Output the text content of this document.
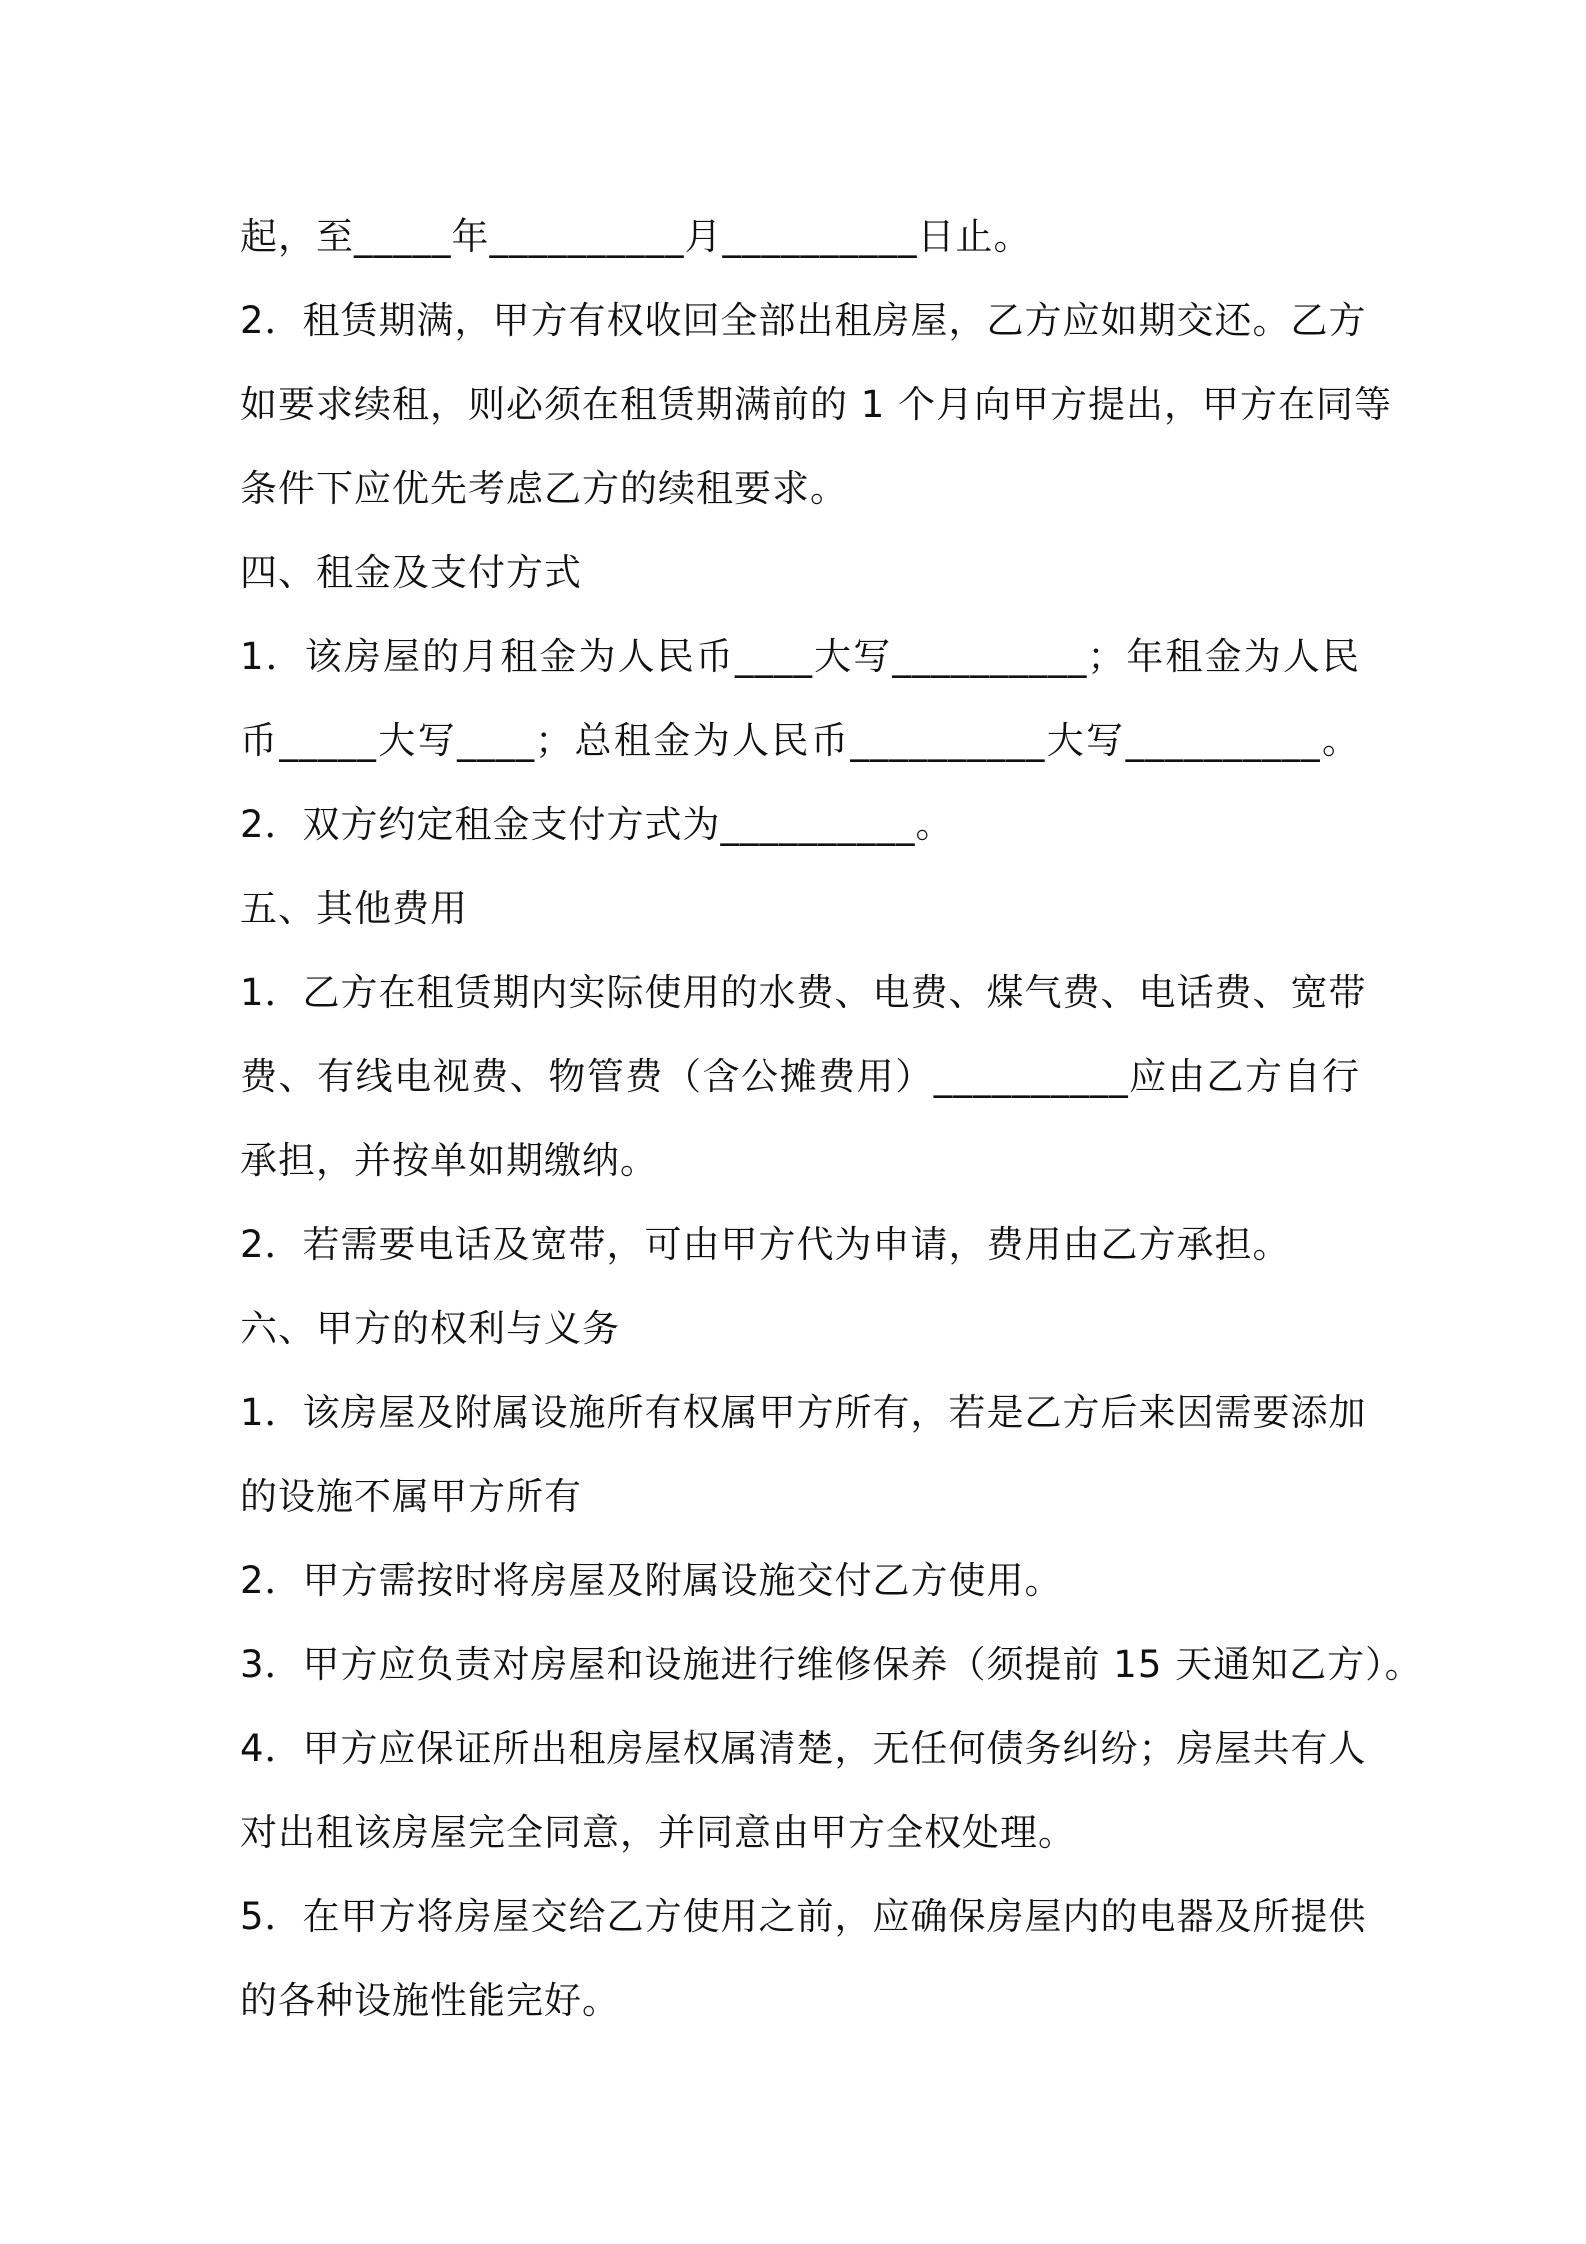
起，至_____年__________月__________日止。
2．租赁期满，甲方有权收回全部出租房屋，乙方应如期交还。乙方
如要求续租，则必须在租赁期满前的 1 个月向甲方提出，甲方在同等
条件下应优先考虑乙方的续租要求。
四、租金及支付方式
1．该房屋的月租金为人民币____大写__________；年租金为人民
币_____大写____；总租金为人民币__________大写__________。
2．双方约定租金支付方式为__________。
五、其他费用
1．乙方在租赁期内实际使用的水费、电费、煤气费、电话费、宽带
费、有线电视费、物管费（含公摊费用）__________应由乙方自行
承担，并按单如期缴纳。
2．若需要电话及宽带，可由甲方代为申请，费用由乙方承担。
六、甲方的权利与义务
1．该房屋及附属设施所有权属甲方所有，若是乙方后来因需要添加
的设施不属甲方所有
2．甲方需按时将房屋及附属设施交付乙方使用。
3．甲方应负责对房屋和设施进行维修保养（须提前 15 天通知乙方）。
4．甲方应保证所出租房屋权属清楚，无任何债务纠纷；房屋共有人
对出租该房屋完全同意，并同意由甲方全权处理。
5．在甲方将房屋交给乙方使用之前，应确保房屋内的电器及所提供
的各种设施性能完好。
